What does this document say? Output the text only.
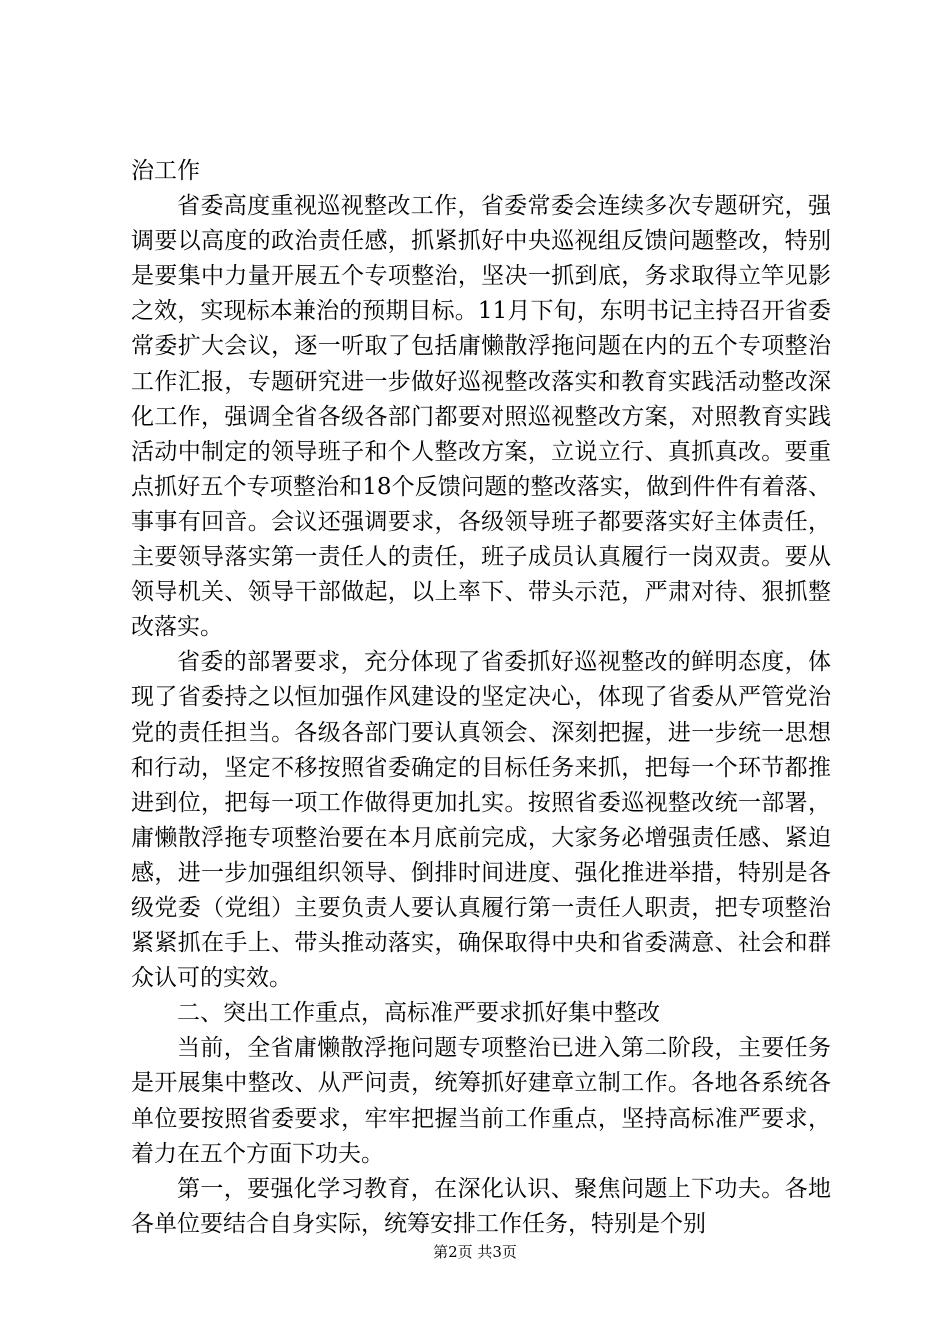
治工作

省委高度重视巡视整改工作，省委常委会连续多次专题研究，强调要以高度的政治责任感，抓紧抓好中央巡视组反馈问题整改，特别是要集中力量开展五个专项整治，坚决一抓到底，务求取得立竿见影之效，实现标本兼治的预期目标。11月下旬，东明书记主持召开省委常委扩大会议，逐一听取了包括庸懒散浮拖问题在内的五个专项整治工作汇报，专题研究进一步做好巡视整改落实和教育实践活动整改深化工作，强调全省各级各部门都要对照巡视整改方案，对照教育实践活动中制定的领导班子和个人整改方案，立说立行、真抓真改。要重点抓好五个专项整治和18个反馈问题的整改落实，做到件件有着落、事事有回音。会议还强调要求，各级领导班子都要落实好主体责任，主要领导落实第一责任人的责任，班子成员认真履行一岗双责。要从领导机关、领导干部做起，以上率下、带头示范，严肃对待、狠抓整改落实。

省委的部署要求，充分体现了省委抓好巡视整改的鲜明态度，体现了省委持之以恒加强作风建设的坚定决心，体现了省委从严管党治党的责任担当。各级各部门要认真领会、深刻把握，进一步统一思想和行动，坚定不移按照省委确定的目标任务来抓，把每一个环节都推进到位，把每一项工作做得更加扎实。按照省委巡视整改统一部署，庸懒散浮拖专项整治要在本月底前完成，大家务必增强责任感、紧迫感，进一步加强组织领导、倒排时间进度、强化推进举措，特别是各级党委（党组）主要负责人要认真履行第一责任人职责，把专项整治紧紧抓在手上、带头推动落实，确保取得中央和省委满意、社会和群众认可的实效。

二、突出工作重点，高标准严要求抓好集中整改

当前，全省庸懒散浮拖问题专项整治已进入第二阶段，主要任务是开展集中整改、从严问责，统筹抓好建章立制工作。各地各系统各单位要按照省委要求，牢牢把握当前工作重点，坚持高标准严要求，着力在五个方面下功夫。

第一，要强化学习教育，在深化认识、聚焦问题上下功夫。各地各单位要结合自身实际，统筹安排工作任务，特别是个别

第2页 共3页
